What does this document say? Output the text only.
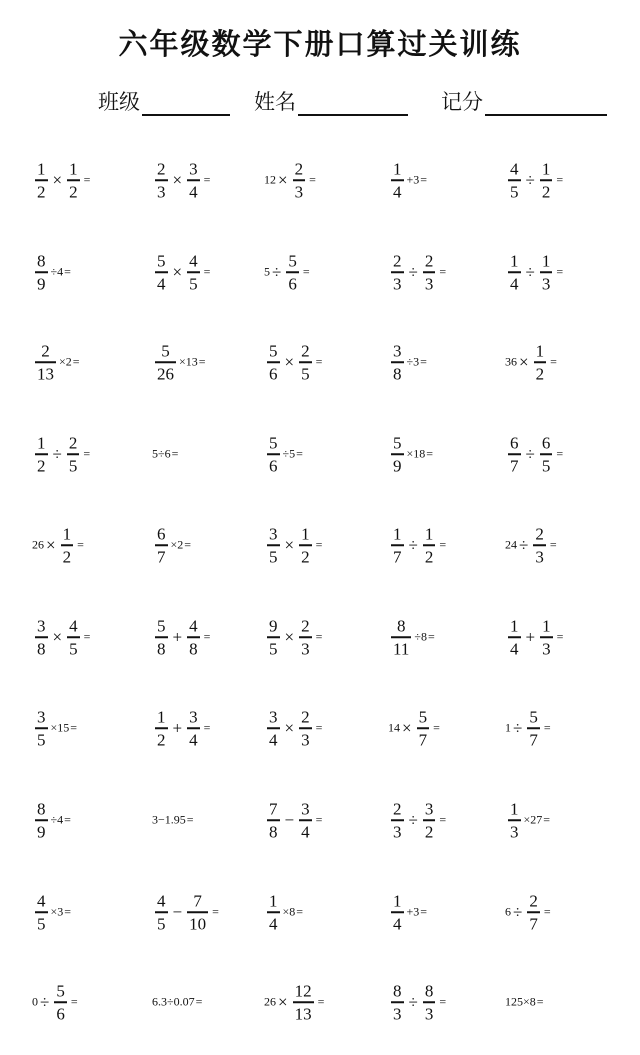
六年级数学下册口算过关训练
班级	姓名	记分
$\frac{1}{2} \times \frac{1}{2}$ =	$\frac{2}{3} \times \frac{3}{4}$ =	$12 \times \frac{2}{3}$ =	$\frac{1}{4} +3$ =	$\frac{4}{5} \div \frac{1}{2}$ =
$\frac{8}{9} \div 4$ =	$\frac{5}{4} \times \frac{4}{5}$ =	$5 \div \frac{5}{6}$ =	$\frac{2}{3} \div \frac{2}{3}$ =	$\frac{1}{4} \div \frac{1}{3}$ =
$\frac{2}{13} \times 2$ =	$\frac{5}{26} \times 13$ =	$\frac{5}{6} \times \frac{2}{5}$ =	$\frac{3}{8} \div 3$ =	$36 \times \frac{1}{2}$ =
$\frac{1}{2} \div \frac{2}{5}$ =	5÷6 =	$\frac{5}{6} \div 5$ =	$\frac{5}{9} \times 18$ =	$\frac{6}{7} \div \frac{6}{5}$ =
$26 \times \frac{1}{2}$ =	$\frac{6}{7} \times 2$ =	$\frac{3}{5} \times \frac{1}{2}$ =	$\frac{1}{7} \div \frac{1}{2}$ =	$24 \div \frac{2}{3}$ =
$\frac{3}{8} \times \frac{4}{5}$ =	$\frac{5}{8} + \frac{4}{8}$ =	$\frac{9}{5} \times \frac{2}{3}$ =	$\frac{8}{11} \div 8$ =	$\frac{1}{4} + \frac{1}{3}$ =
$\frac{3}{5} \times 15$ =	$\frac{1}{2} + \frac{3}{4}$ =	$\frac{3}{4} \times \frac{2}{3}$ =	$14 \times \frac{5}{7}$ =	$1 \div \frac{5}{7}$ =
$\frac{8}{9} \div 4$ =	3−1.95 =	$\frac{7}{8} - \frac{3}{4}$ =	$\frac{2}{3} \div \frac{3}{2}$ =	$\frac{1}{3} \times 27$ =
$\frac{4}{5} \times 3$ =	$\frac{4}{5} - \frac{7}{10}$ =	$\frac{1}{4} \times 8$ =	$\frac{1}{4} +3$ =	$6 \div \frac{2}{7}$ =
$0 \div \frac{5}{6}$ =	6.3÷0.07 =	$26 \times \frac{12}{13}$ =	$\frac{8}{3} \div \frac{8}{3}$ =	125×8 =
